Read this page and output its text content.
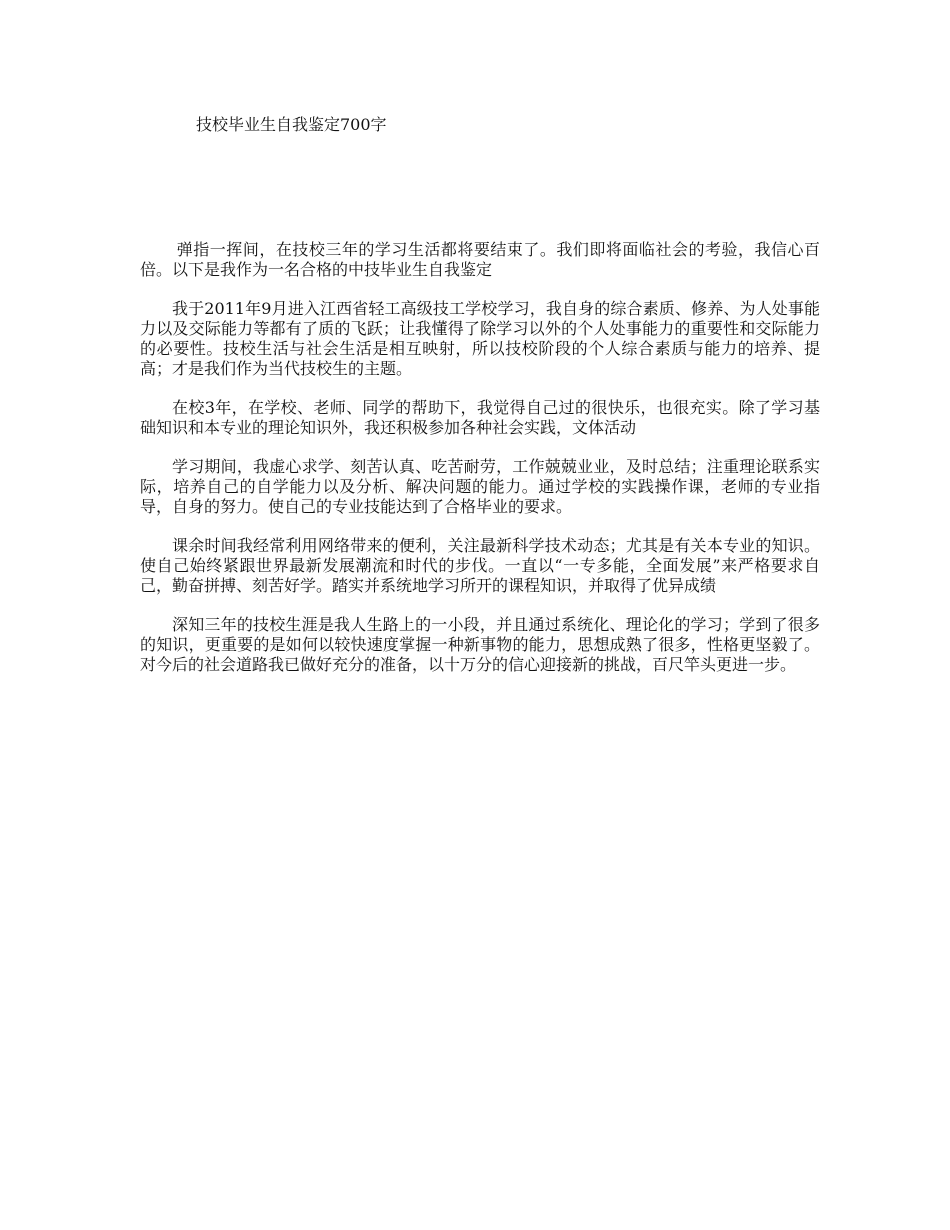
技校毕业生自我鉴定700字

弹指一挥间，在技校三年的学习生活都将要结束了。我们即将面临社会的考验，我信心百倍。以下是我作为一名合格的中技毕业生自我鉴定

我于2011年9月进入江西省轻工高级技工学校学习，我自身的综合素质、修养、为人处事能力以及交际能力等都有了质的飞跃；让我懂得了除学习以外的个人处事能力的重要性和交际能力的必要性。技校生活与社会生活是相互映射，所以技校阶段的个人综合素质与能力的培养、提高；才是我们作为当代技校生的主题。

在校3年，在学校、老师、同学的帮助下，我觉得自己过的很快乐，也很充实。除了学习基础知识和本专业的理论知识外，我还积极参加各种社会实践，文体活动

学习期间，我虚心求学、刻苦认真、吃苦耐劳，工作兢兢业业，及时总结；注重理论联系实际，培养自己的自学能力以及分析、解决问题的能力。通过学校的实践操作课，老师的专业指导，自身的努力。使自己的专业技能达到了合格毕业的要求。

课余时间我经常利用网络带来的便利，关注最新科学技术动态；尤其是有关本专业的知识。使自己始终紧跟世界最新发展潮流和时代的步伐。一直以“一专多能，全面发展”来严格要求自己，勤奋拼搏、刻苦好学。踏实并系统地学习所开的课程知识，并取得了优异成绩

深知三年的技校生涯是我人生路上的一小段，并且通过系统化、理论化的学习；学到了很多的知识，更重要的是如何以较快速度掌握一种新事物的能力，思想成熟了很多，性格更坚毅了。对今后的社会道路我已做好充分的准备，以十万分的信心迎接新的挑战，百尺竿头更进一步。
